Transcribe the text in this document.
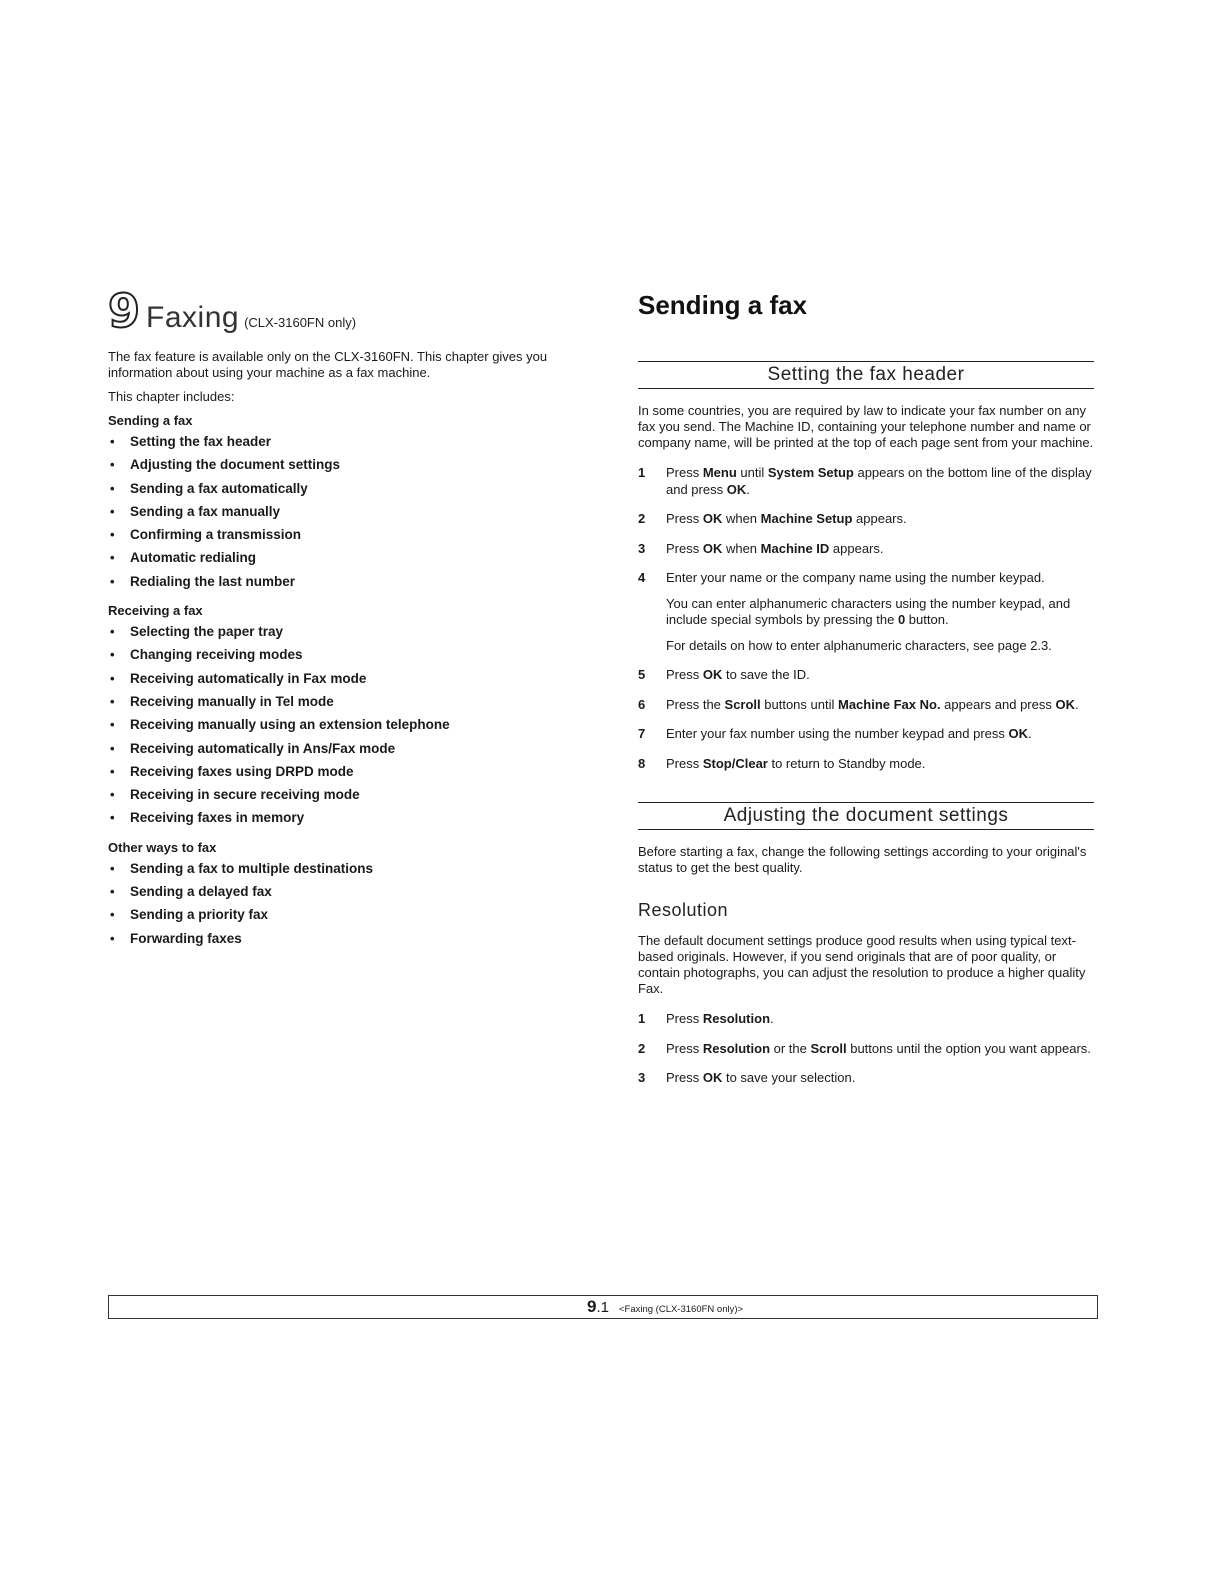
9 Faxing (CLX-3160FN only)

The fax feature is available only on the CLX-3160FN. This chapter gives you information about using your machine as a fax machine.

This chapter includes:

Sending a fax
• Setting the fax header
• Adjusting the document settings
• Sending a fax automatically
• Sending a fax manually
• Confirming a transmission
• Automatic redialing
• Redialing the last number
Receiving a fax
• Selecting the paper tray
• Changing receiving modes
• Receiving automatically in Fax mode
• Receiving manually in Tel mode
• Receiving manually using an extension telephone
• Receiving automatically in Ans/Fax mode
• Receiving faxes using DRPD mode
• Receiving in secure receiving mode
• Receiving faxes in memory
Other ways to fax
• Sending a fax to multiple destinations
• Sending a delayed fax
• Sending a priority fax
• Forwarding faxes
Sending a fax
Setting the fax header

In some countries, you are required by law to indicate your fax number on any fax you send. The Machine ID, containing your telephone number and name or company name, will be printed at the top of each page sent from your machine.

1 Press Menu until System Setup appears on the bottom line of the display and press OK.
2 Press OK when Machine Setup appears.
3 Press OK when Machine ID appears.
4 Enter your name or the company name using the number keypad.
You can enter alphanumeric characters using the number keypad, and include special symbols by pressing the 0 button.
For details on how to enter alphanumeric characters, see page 2.3.
5 Press OK to save the ID.
6 Press the Scroll buttons until Machine Fax No. appears and press OK.
7 Enter your fax number using the number keypad and press OK.
8 Press Stop/Clear to return to Standby mode.
Adjusting the document settings

Before starting a fax, change the following settings according to your original's status to get the best quality.

Resolution

The default document settings produce good results when using typical text-based originals. However, if you send originals that are of poor quality, or contain photographs, you can adjust the resolution to produce a higher quality Fax.

1 Press Resolution.
2 Press Resolution or the Scroll buttons until the option you want appears.
3 Press OK to save your selection.
9.1 <Faxing (CLX-3160FN only)>
